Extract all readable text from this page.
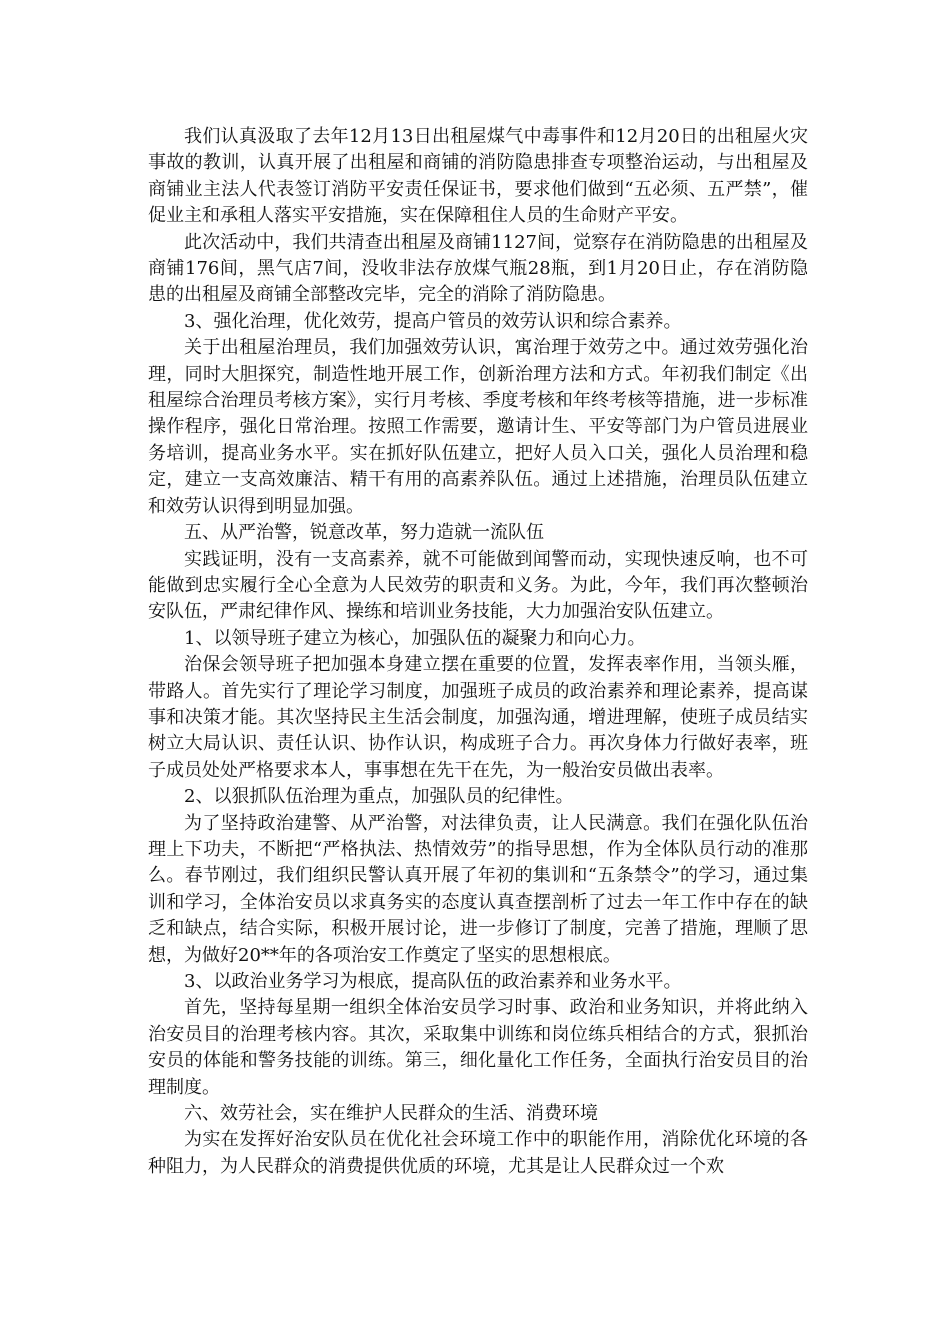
我们认真汲取了去年12月13日出租屋煤气中毒事件和12月20日的出租屋火灾事故的教训，认真开展了出租屋和商铺的消防隐患排查专项整治运动，与出租屋及商铺业主法人代表签订消防平安责任保证书，要求他们做到“五必须、五严禁”，催促业主和承租人落实平安措施，实在保障租住人员的生命财产平安。

此次活动中，我们共清查出租屋及商铺1127间，觉察存在消防隐患的出租屋及商铺176间，黑气店7间，没收非法存放煤气瓶28瓶，到1月20日止，存在消防隐患的出租屋及商铺全部整改完毕，完全的消除了消防隐患。

3、强化治理，优化效劳，提高户管员的效劳认识和综合素养。

关于出租屋治理员，我们加强效劳认识，寓治理于效劳之中。通过效劳强化治理，同时大胆探究，制造性地开展工作，创新治理方法和方式。年初我们制定《出租屋综合治理员考核方案》，实行月考核、季度考核和年终考核等措施，进一步标准操作程序，强化日常治理。按照工作需要，邀请计生、平安等部门为户管员进展业务培训，提高业务水平。实在抓好队伍建立，把好人员入口关，强化人员治理和稳定，建立一支高效廉洁、精干有用的高素养队伍。通过上述措施，治理员队伍建立和效劳认识得到明显加强。

五、从严治警，锐意改革，努力造就一流队伍

实践证明，没有一支高素养，就不可能做到闻警而动，实现快速反响，也不可能做到忠实履行全心全意为人民效劳的职责和义务。为此，今年，我们再次整顿治安队伍，严肃纪律作风、操练和培训业务技能，大力加强治安队伍建立。

1、以领导班子建立为核心，加强队伍的凝聚力和向心力。

治保会领导班子把加强本身建立摆在重要的位置，发挥表率作用，当领头雁，带路人。首先实行了理论学习制度，加强班子成员的政治素养和理论素养，提高谋事和决策才能。其次坚持民主生活会制度，加强沟通，增进理解，使班子成员结实树立大局认识、责任认识、协作认识，构成班子合力。再次身体力行做好表率，班子成员处处严格要求本人，事事想在先干在先，为一般治安员做出表率。

2、以狠抓队伍治理为重点，加强队员的纪律性。

为了坚持政治建警、从严治警，对法律负责，让人民满意。我们在强化队伍治理上下功夫，不断把“严格执法、热情效劳”的指导思想，作为全体队员行动的准那么。春节刚过，我们组织民警认真开展了年初的集训和“五条禁令”的学习，通过集训和学习，全体治安员以求真务实的态度认真查摆剖析了过去一年工作中存在的缺乏和缺点，结合实际，积极开展讨论，进一步修订了制度，完善了措施，理顺了思想，为做好20**年的各项治安工作奠定了坚实的思想根底。

3、以政治业务学习为根底，提高队伍的政治素养和业务水平。

首先，坚持每星期一组织全体治安员学习时事、政治和业务知识，并将此纳入治安员目的治理考核内容。其次，采取集中训练和岗位练兵相结合的方式，狠抓治安员的体能和警务技能的训练。第三，细化量化工作任务，全面执行治安员目的治理制度。

六、效劳社会，实在维护人民群众的生活、消费环境

为实在发挥好治安队员在优化社会环境工作中的职能作用，消除优化环境的各种阻力，为人民群众的消费提供优质的环境，尤其是让人民群众过一个欢
